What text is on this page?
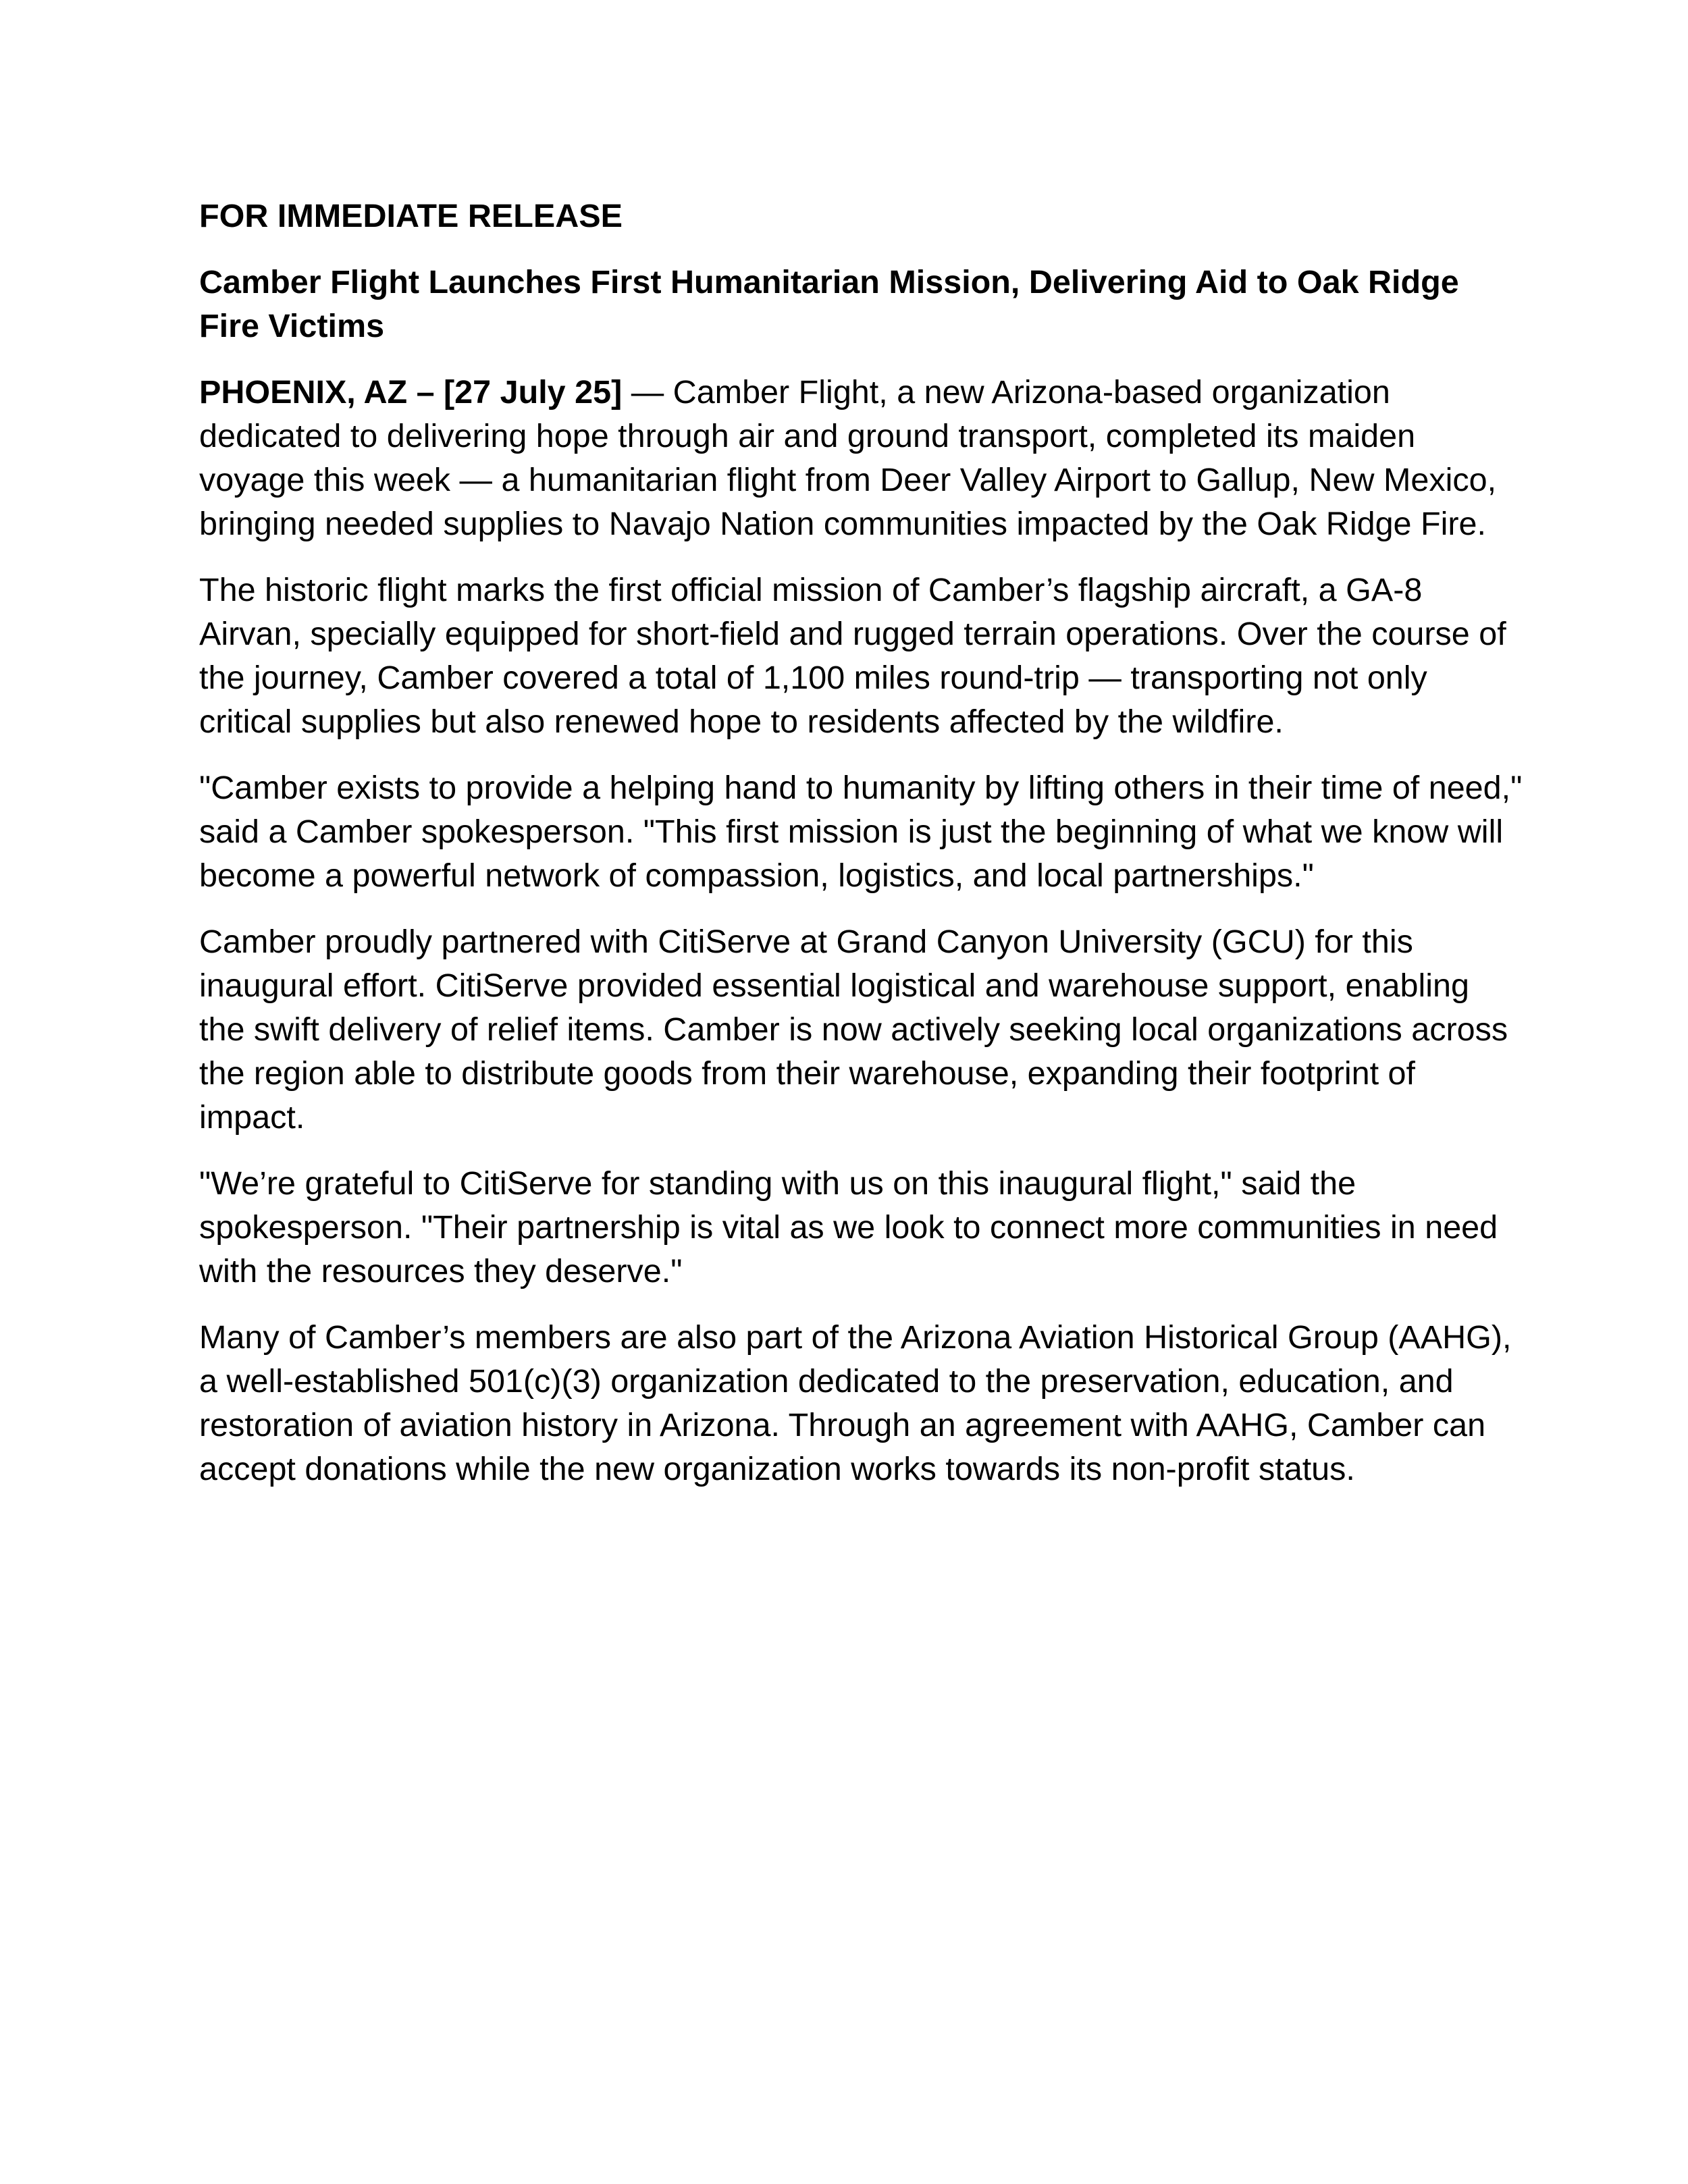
FOR IMMEDIATE RELEASE

Camber Flight Launches First Humanitarian Mission, Delivering Aid to Oak Ridge Fire Victims

PHOENIX, AZ – [27 July 25] — Camber Flight, a new Arizona-based organization dedicated to delivering hope through air and ground transport, completed its maiden voyage this week — a humanitarian flight from Deer Valley Airport to Gallup, New Mexico, bringing needed supplies to Navajo Nation communities impacted by the Oak Ridge Fire.

The historic flight marks the first official mission of Camber’s flagship aircraft, a GA-8 Airvan, specially equipped for short-field and rugged terrain operations. Over the course of the journey, Camber covered a total of 1,100 miles round-trip — transporting not only critical supplies but also renewed hope to residents affected by the wildfire.

"Camber exists to provide a helping hand to humanity by lifting others in their time of need," said a Camber spokesperson. "This first mission is just the beginning of what we know will become a powerful network of compassion, logistics, and local partnerships."

Camber proudly partnered with CitiServe at Grand Canyon University (GCU) for this inaugural effort. CitiServe provided essential logistical and warehouse support, enabling the swift delivery of relief items. Camber is now actively seeking local organizations across the region able to distribute goods from their warehouse, expanding their footprint of impact.

"We’re grateful to CitiServe for standing with us on this inaugural flight," said the spokesperson. "Their partnership is vital as we look to connect more communities in need with the resources they deserve."

Many of Camber’s members are also part of the Arizona Aviation Historical Group (AAHG), a well-established 501(c)(3) organization dedicated to the preservation, education, and restoration of aviation history in Arizona. Through an agreement with AAHG, Camber can accept donations while the new organization works towards its non-profit status.
